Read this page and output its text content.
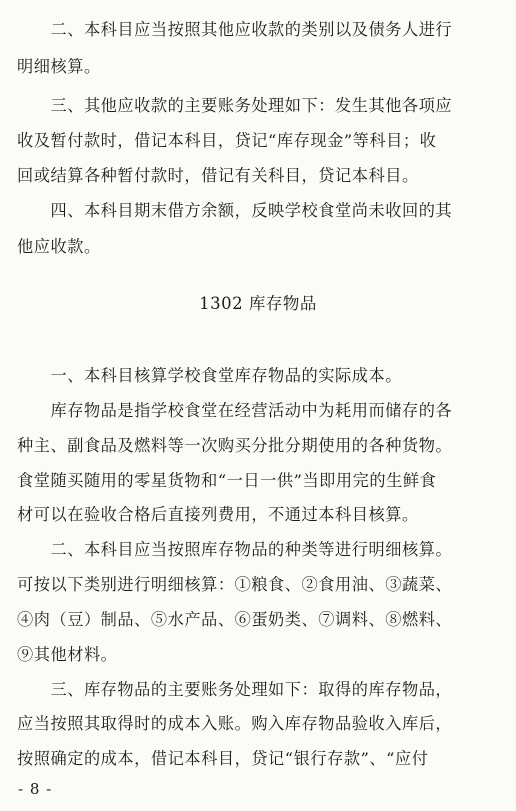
　　二、本科目应当按照其他应收款的类别以及债务人进行
明细核算。
　　三、其他应收款的主要账务处理如下：发生其他各项应
收及暂付款时，借记本科目，贷记“库存现金”等科目；收
回或结算各种暂付款时，借记有关科目，贷记本科目。
　　四、本科目期末借方余额，反映学校食堂尚未收回的其
他应收款。
1302 库存物品
　　一、本科目核算学校食堂库存物品的实际成本。
　　库存物品是指学校食堂在经营活动中为耗用而储存的各
种主、副食品及燃料等一次购买分批分期使用的各种货物。
食堂随买随用的零星货物和“一日一供”当即用完的生鲜食
材可以在验收合格后直接列费用，不通过本科目核算。
　　二、本科目应当按照库存物品的种类等进行明细核算。
可按以下类别进行明细核算：①粮食、②食用油、③蔬菜、
④肉（豆）制品、⑤水产品、⑥蛋奶类、⑦调料、⑧燃料、
⑨其他材料。
　　三、库存物品的主要账务处理如下：取得的库存物品，
应当按照其取得时的成本入账。购入库存物品验收入库后，
按照确定的成本，借记本科目，贷记“银行存款”、“应付
- 8 -
